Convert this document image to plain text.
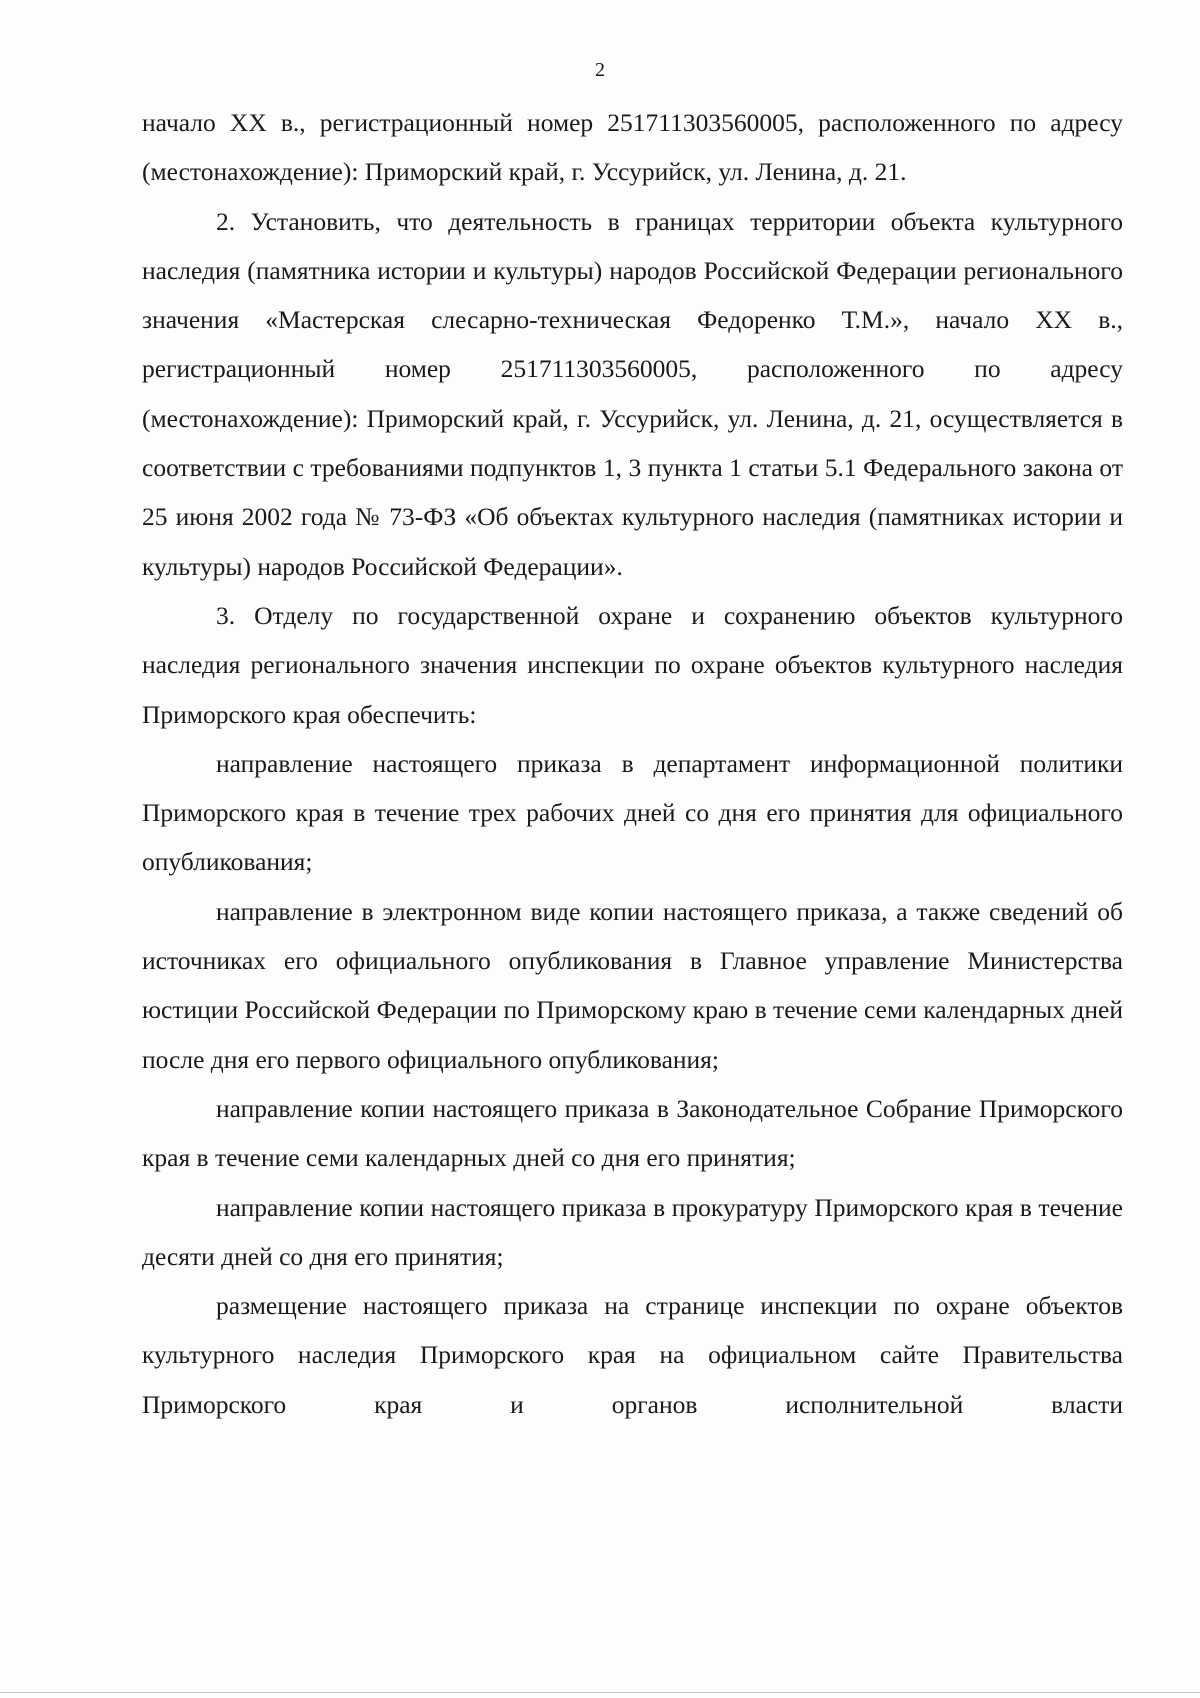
2

начало XX в., регистрационный номер 251711303560005, расположенного по адресу (местонахождение): Приморский край, г. Уссурийск, ул. Ленина, д. 21.

2. Установить, что деятельность в границах территории объекта культурного наследия (памятника истории и культуры) народов Российской Федерации регионального значения «Мастерская слесарно-техническая Федоренко Т.М.», начало XX в., регистрационный номер 251711303560005, расположенного по адресу (местонахождение): Приморский край, г. Уссурийск, ул. Ленина, д. 21, осуществляется в соответствии с требованиями подпунктов 1, 3 пункта 1 статьи 5.1 Федерального закона от 25 июня 2002 года № 73-ФЗ «Об объектах культурного наследия (памятниках истории и культуры) народов Российской Федерации».

3. Отделу по государственной охране и сохранению объектов культурного наследия регионального значения инспекции по охране объектов культурного наследия Приморского края обеспечить:

направление настоящего приказа в департамент информационной политики Приморского края в течение трех рабочих дней со дня его принятия для официального опубликования;

направление в электронном виде копии настоящего приказа, а также сведений об источниках его официального опубликования в Главное управление Министерства юстиции Российской Федерации по Приморскому краю в течение семи календарных дней после дня его первого официального опубликования;

направление копии настоящего приказа в Законодательное Собрание Приморского края в течение семи календарных дней со дня его принятия;

направление копии настоящего приказа в прокуратуру Приморского края в течение десяти дней со дня его принятия;

размещение настоящего приказа на странице инспекции по охране объектов культурного наследия Приморского края на официальном сайте Правительства Приморского края и органов исполнительной власти
